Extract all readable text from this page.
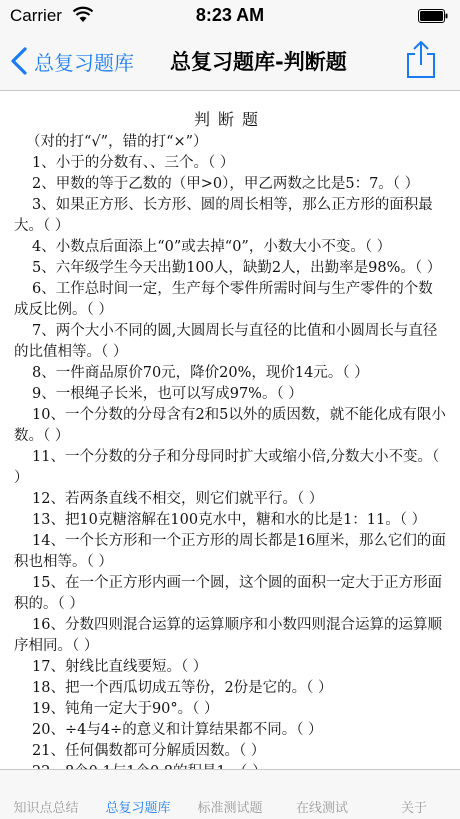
Carrier	8:23 AM
总复习题库 总复习题库-判断题
判断题
（对的打“√”，错的打“×”）

1、小于的分数有、、三个。（ ）

2、甲数的等于乙数的（甲>0），甲乙两数之比是5：7。（ ）

3、如果正方形、长方形、圆的周长相等，那么正方形的面积最大。（ ）

4、小数点后面添上“0”或去掉“0”，小数大小不变。（ ）

5、六年级学生今天出勤100人，缺勤2人，出勤率是98%。（ ）

6、工作总时间一定，生产每个零件所需时间与生产零件的个数成反比例。（ ）

7、两个大小不同的圆,大圆周长与直径的比值和小圆周长与直径的比值相等。（ ）

8、一件商品原价70元，降价20%，现价14元。（ ）

9、一根绳子长米，也可以写成97%。（ ）

10、一个分数的分母含有2和5以外的质因数，就不能化成有限小数。（ ）

11、一个分数的分子和分母同时扩大或缩小倍,分数大小不变。（ ）

12、若两条直线不相交，则它们就平行。（ ）

13、把10克糖溶解在100克水中，糖和水的比是1：11。（ ）

14、一个长方形和一个正方形的周长都是16厘米，那么它们的面积也相等。（ ）

15、在一个正方形内画一个圆，这个圆的面积一定大于正方形面积的。（ ）

16、分数四则混合运算的运算顺序和小数四则混合运算的运算顺序相同。（ ）

17、射线比直线要短。（ ）

18、把一个西瓜切成五等份，2份是它的。（ ）

19、钝角一定大于90°。（ ）

20、÷4与4÷的意义和计算结果都不同。（ ）

21、任何偶数都可分解质因数。（ ）

知识点总结	总复习题库	标准测试题	在线测试	关于
